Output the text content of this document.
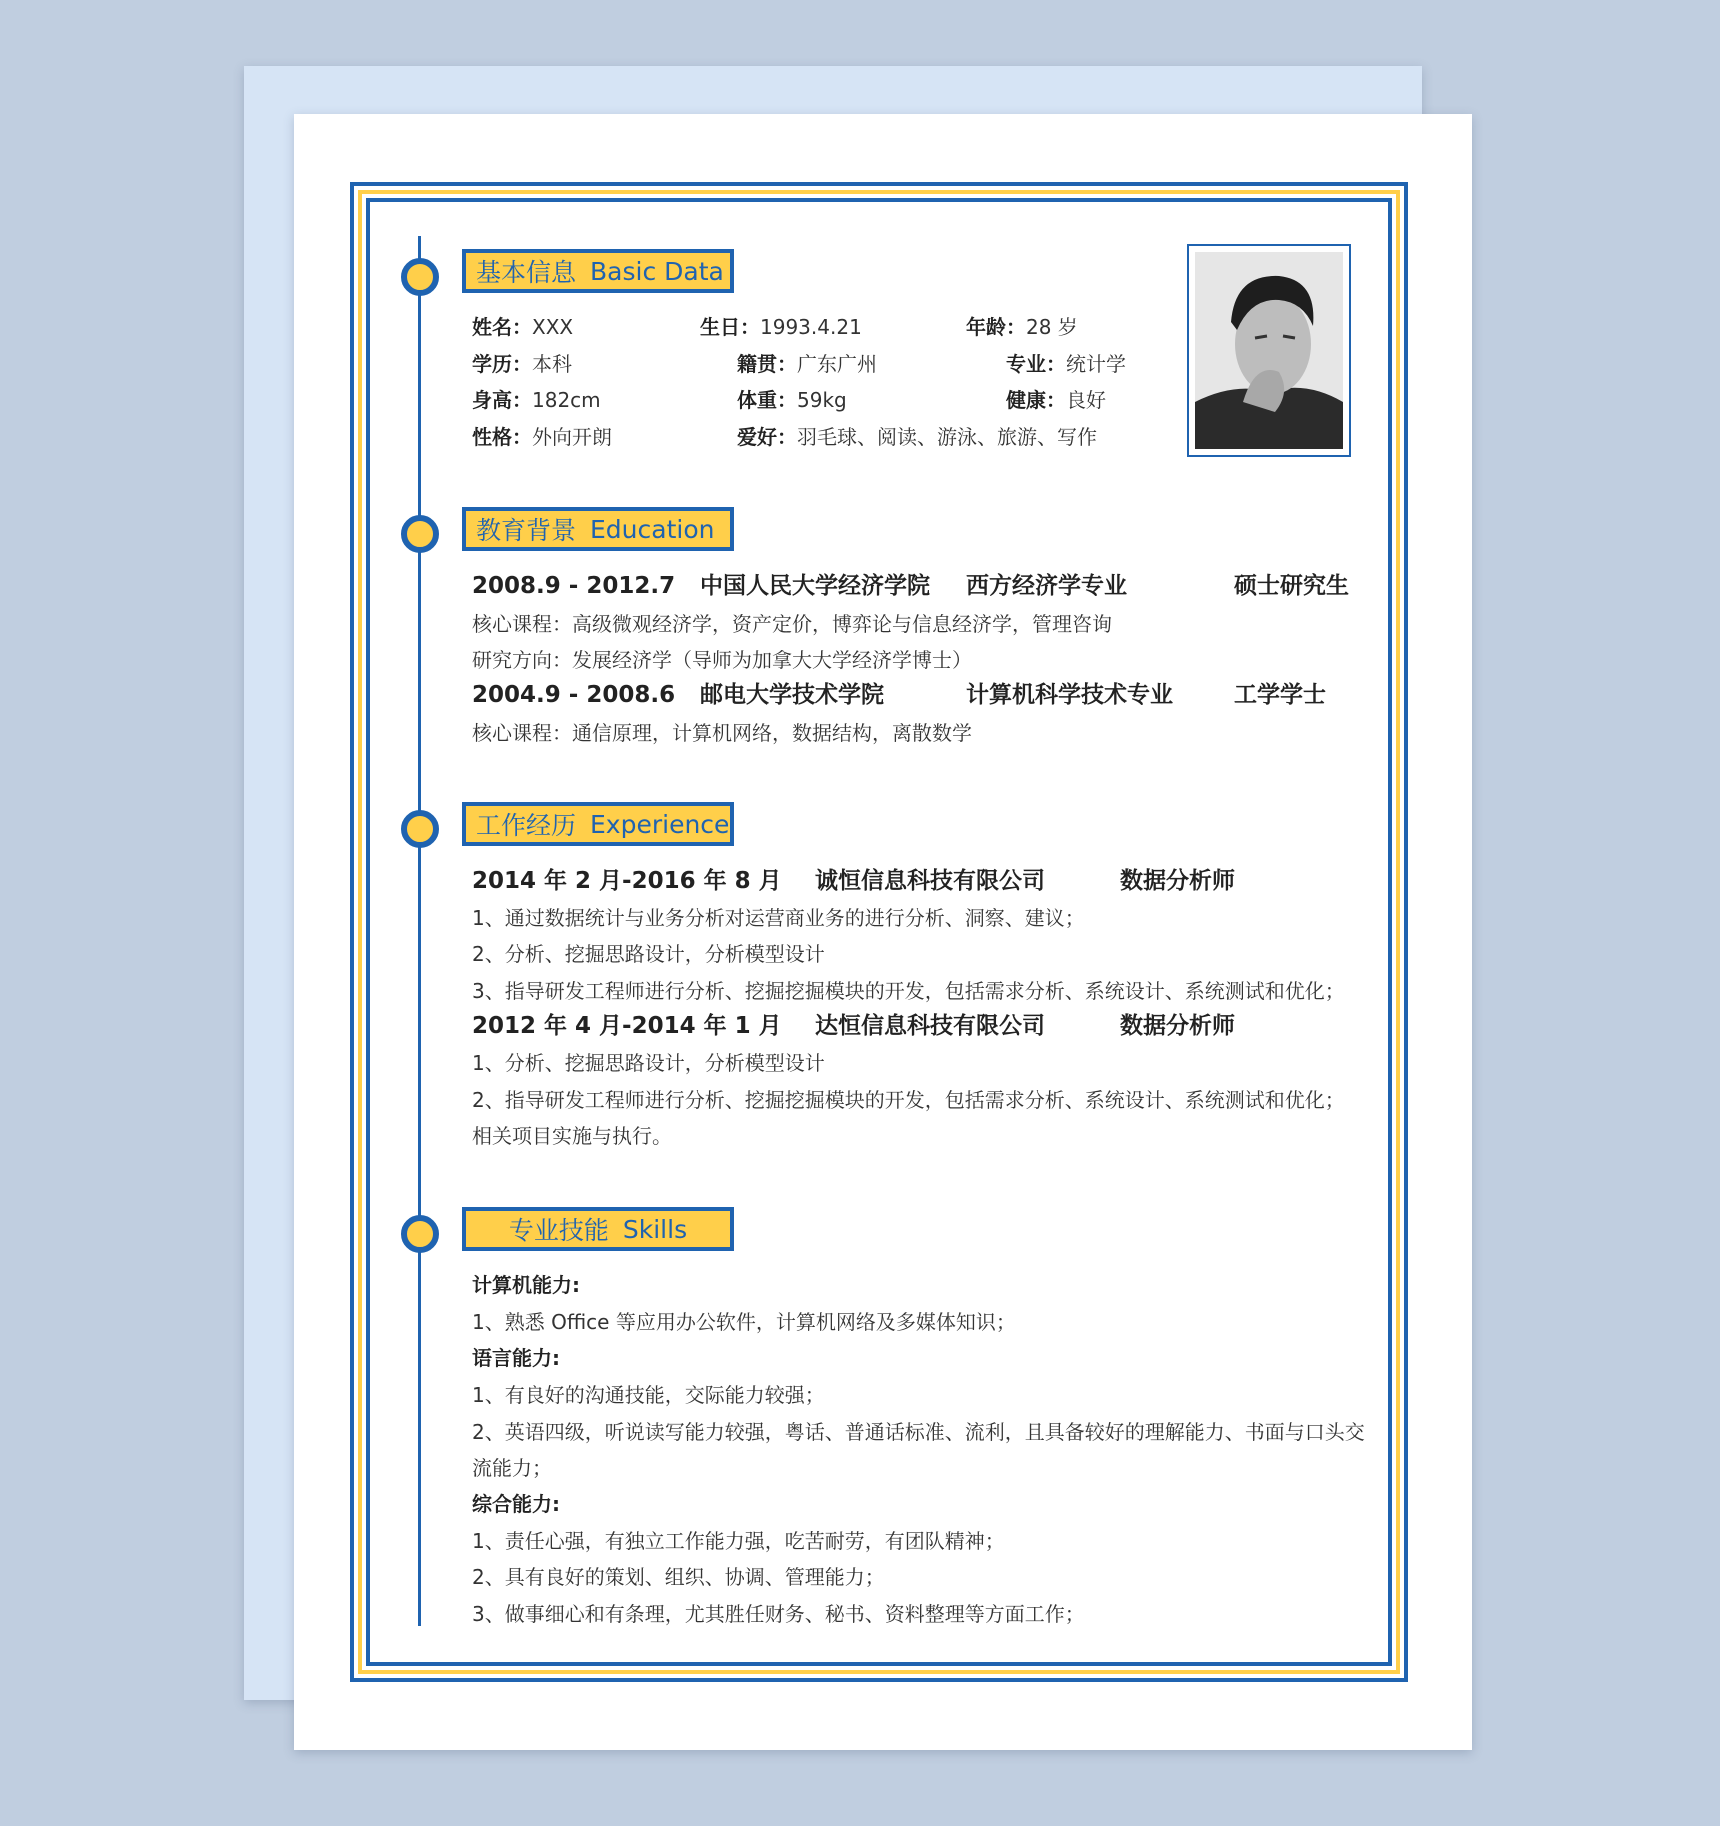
基本信息 Basic Data
姓名：XXX	生日：1993.4.21	年龄：28 岁
学历：本科	籍贯：广东广州	专业：统计学
身高：182cm	体重：59kg	健康：良好
性格：外向开朗	爱好：羽毛球、阅读、游泳、旅游、写作
教育背景 Education
2008.9 - 2012.7 中国人民大学经济学院 西方经济学专业	硕士研究生
核心课程：高级微观经济学，资产定价，博弈论与信息经济学，管理咨询
研究方向：发展经济学（导师为加拿大大学经济学博士）
2004.9 - 2008.6 邮电大学技术学院	计算机科学技术专业	工学学士
核心课程：通信原理，计算机网络，数据结构，离散数学
工作经历 Experience
2014 年 2 月-2016 年 8 月 诚恒信息科技有限公司	数据分析师
1、通过数据统计与业务分析对运营商业务的进行分析、洞察、建议；
2、分析、挖掘思路设计，分析模型设计
3、指导研发工程师进行分析、挖掘挖掘模块的开发，包括需求分析、系统设计、系统测试和优化；
2012 年 4 月-2014 年 1 月 达恒信息科技有限公司	数据分析师
1、分析、挖掘思路设计，分析模型设计
2、指导研发工程师进行分析、挖掘挖掘模块的开发，包括需求分析、系统设计、系统测试和优化；
相关项目实施与执行。
专业技能 Skills
计算机能力:
1、熟悉 Office 等应用办公软件，计算机网络及多媒体知识；
语言能力:
1、有良好的沟通技能，交际能力较强；
2、英语四级，听说读写能力较强，粤话、普通话标准、流利，且具备较好的理解能力、书面与口头交
流能力；
综合能力:
1、责任心强，有独立工作能力强，吃苦耐劳，有团队精神；
2、具有良好的策划、组织、协调、管理能力；
3、做事细心和有条理，尤其胜任财务、秘书、资料整理等方面工作；
